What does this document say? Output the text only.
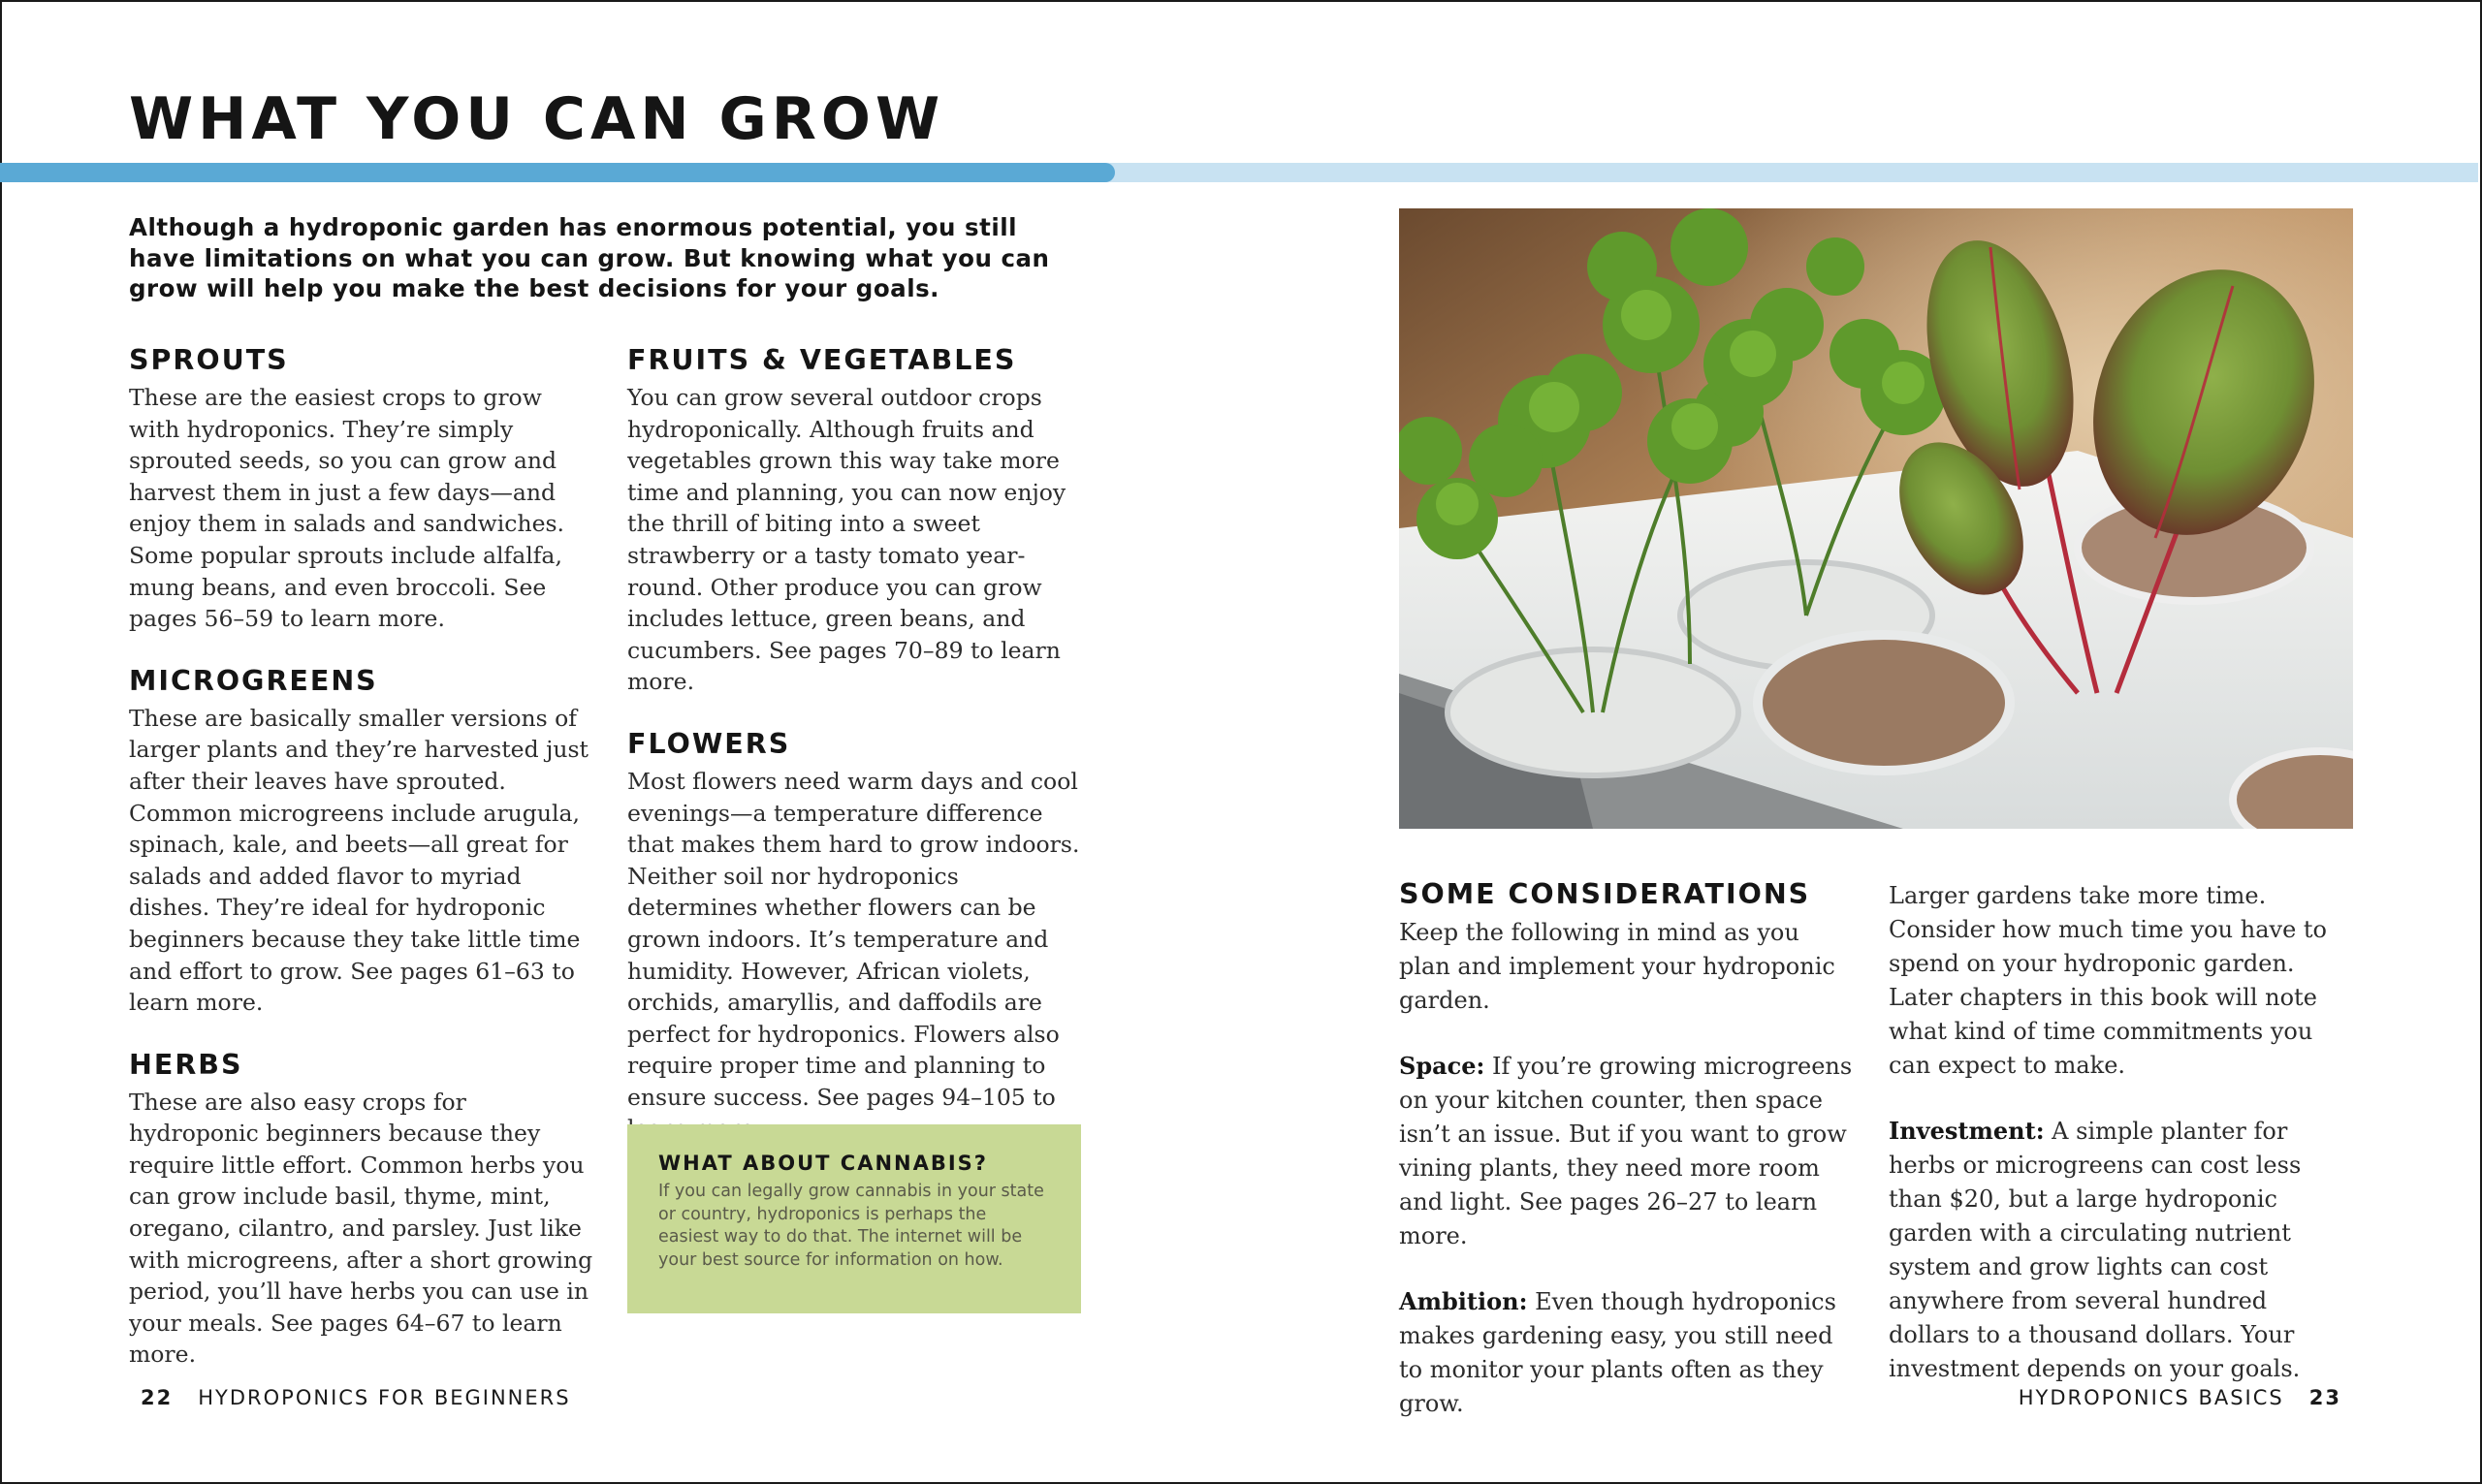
WHAT YOU CAN GROW
Although a hydroponic garden has enormous potential, you still have limitations on what you can grow. But knowing what you can grow will help you make the best decisions for your goals.
SPROUTS

These are the easiest crops to grow with hydroponics. They’re simply sprouted seeds, so you can grow and harvest them in just a few days—and enjoy them in salads and sandwiches. Some popular sprouts include alfalfa, mung beans, and even broccoli. See pages 56–59 to learn more.

MICROGREENS

These are basically smaller versions of larger plants and they’re harvested just after their leaves have sprouted. Common microgreens include arugula, spinach, kale, and beets—all great for salads and added flavor to myriad dishes. They’re ideal for hydroponic beginners because they take little time and effort to grow. See pages 61–63 to learn more.

HERBS

These are also easy crops for hydroponic beginners because they require little effort. Common herbs you can grow include basil, thyme, mint, oregano, cilantro, and parsley. Just like with microgreens, after a short growing period, you’ll have herbs you can use in your meals. See pages 64–67 to learn more.

FRUITS & VEGETABLES

You can grow several outdoor crops hydroponically. Although fruits and vegetables grown this way take more time and planning, you can now enjoy the thrill of biting into a sweet strawberry or a tasty tomato year-round. Other produce you can grow includes lettuce, green beans, and cucumbers. See pages 70–89 to learn more.

FLOWERS

Most flowers need warm days and cool evenings—a temperature difference that makes them hard to grow indoors. Neither soil nor hydroponics determines whether flowers can be grown indoors. It’s temperature and humidity. However, African violets, orchids, amaryllis, and daffodils are perfect for hydroponics. Flowers also require proper time and planning to ensure success. See pages 94–105 to

WHAT ABOUT CANNABIS?

If you can legally grow cannabis in your state or country, hydroponics is perhaps the easiest way to do that. The internet will be your best source for information on how.

SOME CONSIDERATIONS

Keep the following in mind as you plan and implement your hydroponic garden.

Space: If you’re growing microgreens on your kitchen counter, then space isn’t an issue. But if you want to grow vining plants, they need more room and light. See pages 26–27 to learn more.

Ambition: Even though hydroponics makes gardening easy, you still need to monitor your plants often as they grow.

Larger gardens take more time. Consider how much time you have to spend on your hydroponic garden. Later chapters in this book will note what kind of time commitments you can expect to make.

Investment: A simple planter for herbs or microgreens can cost less than $20, but a large hydroponic garden with a circulating nutrient system and grow lights can cost anywhere from several hundred dollars to a thousand dollars. Your investment depends on your goals.

22 HYDROPONICS FOR BEGINNERS	HYDROPONICS BASICS 23
